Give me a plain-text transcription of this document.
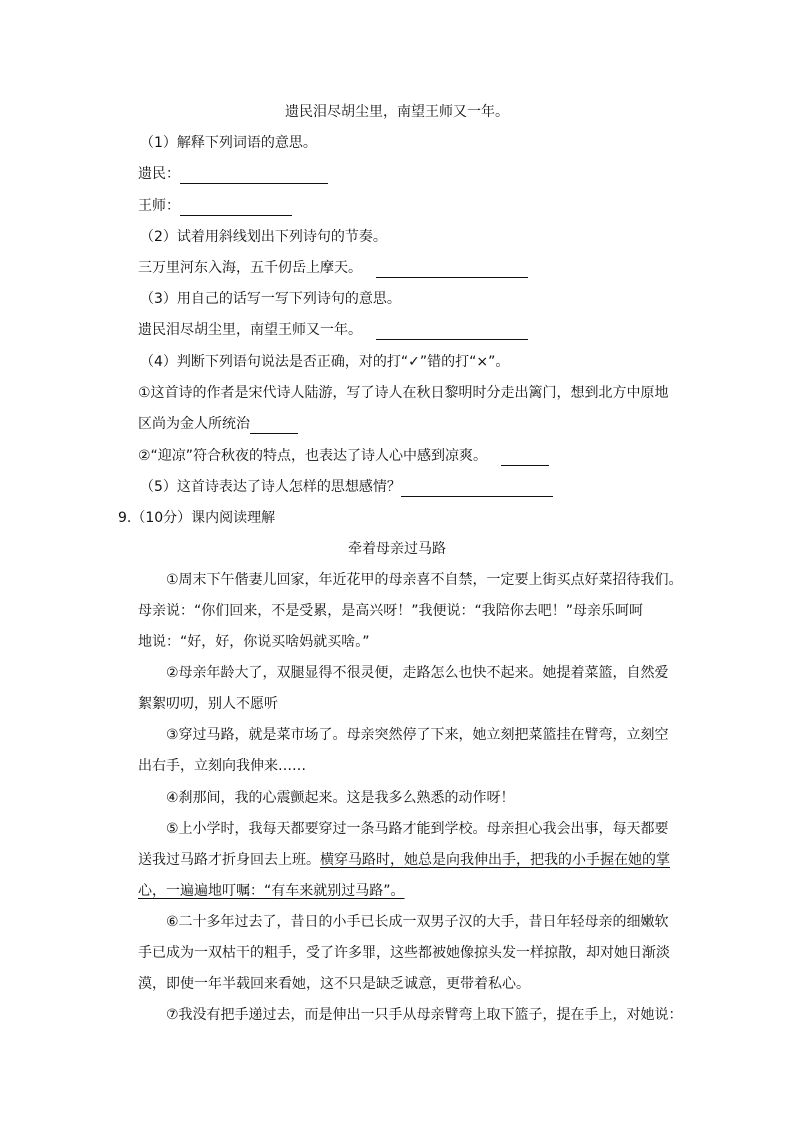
遗民泪尽胡尘里，南望王师又一年。
（1）解释下列词语的意思。
遗民：
王师：
（2）试着用斜线划出下列诗句的节奏。
三万里河东入海，五千仞岳上摩天。
（3）用自己的话写一写下列诗句的意思。
遗民泪尽胡尘里，南望王师又一年。
（4）判断下列语句说法是否正确，对的打“✓”错的打“×”。
①这首诗的作者是宋代诗人陆游，写了诗人在秋日黎明时分走出篱门，想到北方中原地
区尚为金人所统治
②“迎凉”符合秋夜的特点，也表达了诗人心中感到凉爽。
（5）这首诗表达了诗人怎样的思想感情？
9.（10分）课内阅读理解
牵着母亲过马路
①周末下午偕妻儿回家，年近花甲的母亲喜不自禁，一定要上街买点好菜招待我们。
母亲说：“你们回来，不是受累，是高兴呀！”我便说：“我陪你去吧！”母亲乐呵呵
地说：“好，好，你说买啥妈就买啥。”
②母亲年龄大了，双腿显得不很灵便，走路怎么也快不起来。她提着菜篮，自然爱
絮絮叨叨，别人不愿听
③穿过马路，就是菜市场了。母亲突然停了下来，她立刻把菜篮挂在臂弯，立刻空
出右手，立刻向我伸来……
④刹那间，我的心震颤起来。这是我多么熟悉的动作呀！
⑤上小学时，我每天都要穿过一条马路才能到学校。母亲担心我会出事，每天都要
送我过马路才折身回去上班。横穿马路时，她总是向我伸出手，把我的小手握在她的掌
心，一遍遍地叮嘱：“有车来就别过马路”。
⑥二十多年过去了，昔日的小手已长成一双男子汉的大手，昔日年轻母亲的细嫩软
手已成为一双枯干的粗手，受了许多罪，这些都被她像掠头发一样掠散，却对她日渐淡
漠，即使一年半载回来看她，这不只是缺乏诚意，更带着私心。
⑦我没有把手递过去，而是伸出一只手从母亲臂弯上取下篮子，提在手上，对她说：
